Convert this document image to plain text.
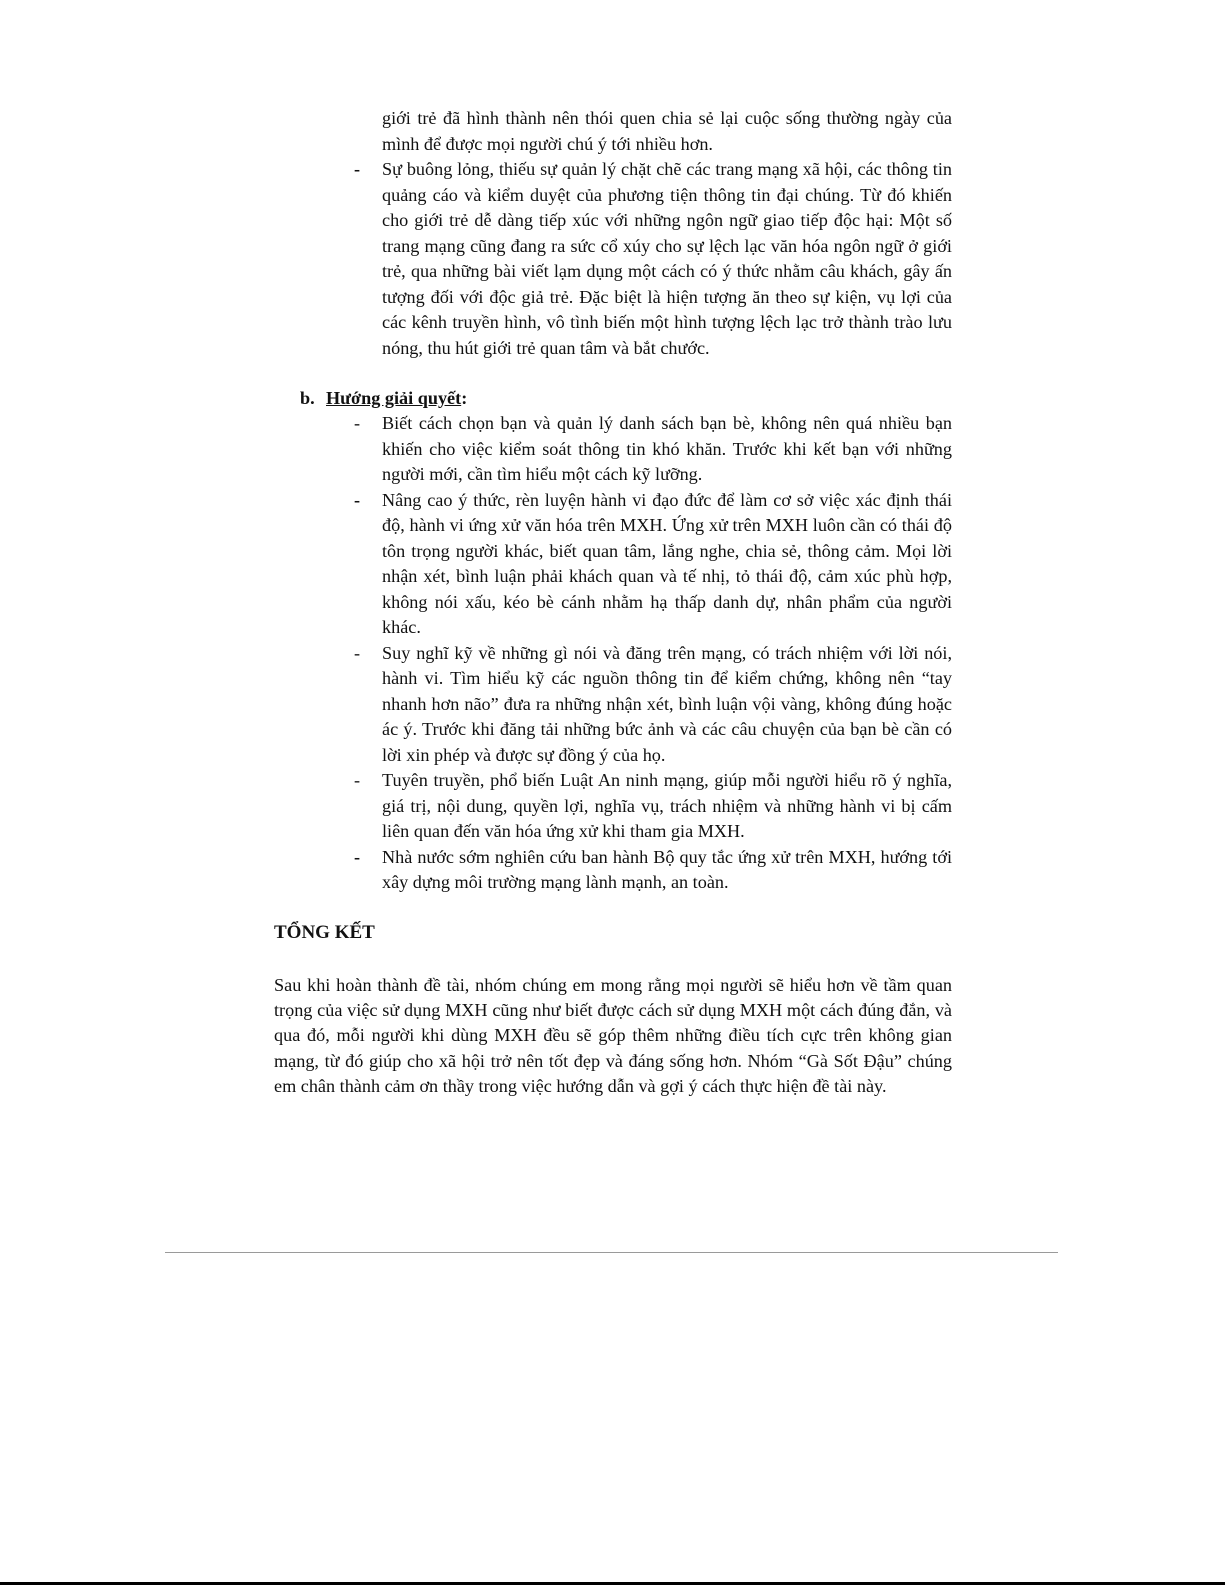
giới trẻ đã hình thành nên thói quen chia sẻ lại cuộc sống thường ngày của mình để được mọi người chú ý tới nhiều hơn.

-	Sự buông lỏng, thiếu sự quản lý chặt chẽ các trang mạng xã hội, các thông tin quảng cáo và kiểm duyệt của phương tiện thông tin đại chúng. Từ đó khiến cho giới trẻ dễ dàng tiếp xúc với những ngôn ngữ giao tiếp độc hại: Một số trang mạng cũng đang ra sức cổ xúy cho sự lệch lạc văn hóa ngôn ngữ ở giới trẻ, qua những bài viết lạm dụng một cách có ý thức nhằm câu khách, gây ấn tượng đối với độc giả trẻ. Đặc biệt là hiện tượng ăn theo sự kiện, vụ lợi của các kênh truyền hình, vô tình biến một hình tượng lệch lạc trở thành trào lưu nóng, thu hút giới trẻ quan tâm và bắt chước.

b. Hướng giải quyết:

-	Biết cách chọn bạn và quản lý danh sách bạn bè, không nên quá nhiều bạn khiến cho việc kiểm soát thông tin khó khăn. Trước khi kết bạn với những người mới, cần tìm hiểu một cách kỹ lưỡng.
-	Nâng cao ý thức, rèn luyện hành vi đạo đức để làm cơ sở việc xác định thái độ, hành vi ứng xử văn hóa trên MXH. Ứng xử trên MXH luôn cần có thái độ tôn trọng người khác, biết quan tâm, lắng nghe, chia sẻ, thông cảm. Mọi lời nhận xét, bình luận phải khách quan và tế nhị, tỏ thái độ, cảm xúc phù hợp, không nói xấu, kéo bè cánh nhằm hạ thấp danh dự, nhân phẩm của người khác.
-	Suy nghĩ kỹ về những gì nói và đăng trên mạng, có trách nhiệm với lời nói, hành vi. Tìm hiểu kỹ các nguồn thông tin để kiểm chứng, không nên “tay nhanh hơn não” đưa ra những nhận xét, bình luận vội vàng, không đúng hoặc ác ý. Trước khi đăng tải những bức ảnh và các câu chuyện của bạn bè cần có lời xin phép và được sự đồng ý của họ.
-	Tuyên truyền, phổ biến Luật An ninh mạng, giúp mỗi người hiểu rõ ý nghĩa, giá trị, nội dung, quyền lợi, nghĩa vụ, trách nhiệm và những hành vi bị cấm liên quan đến văn hóa ứng xử khi tham gia MXH.
-	Nhà nước sớm nghiên cứu ban hành Bộ quy tắc ứng xử trên MXH, hướng tới xây dựng môi trường mạng lành mạnh, an toàn.
TỔNG KẾT

Sau khi hoàn thành đề tài, nhóm chúng em mong rằng mọi người sẽ hiểu hơn về tầm quan trọng của việc sử dụng MXH cũng như biết được cách sử dụng MXH một cách đúng đắn, và qua đó, mỗi người khi dùng MXH đều sẽ góp thêm những điều tích cực trên không gian mạng, từ đó giúp cho xã hội trở nên tốt đẹp và đáng sống hơn. Nhóm “Gà Sốt Đậu” chúng em chân thành cảm ơn thầy trong việc hướng dẫn và gợi ý cách thực hiện đề tài này.
